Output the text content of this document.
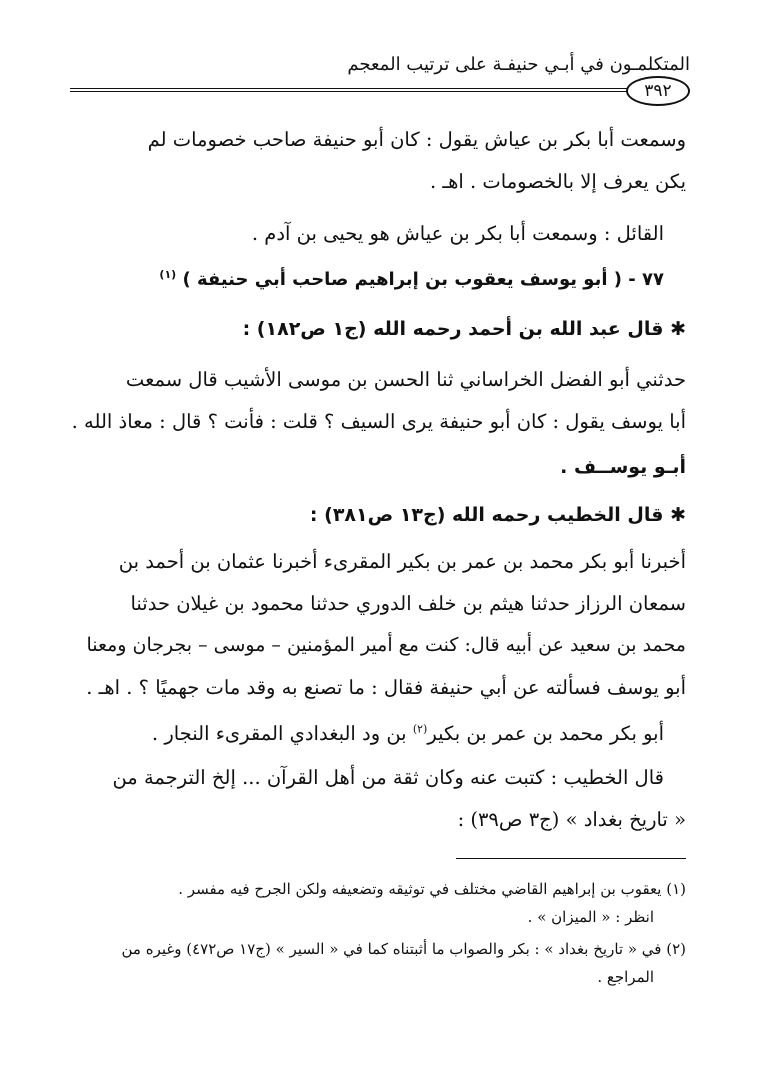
المتكلمـون في أبـي حنيفـة على ترتيب المعجم
٣٩٢
وسمعت أبا بكر بن عياش يقول : كان أبو حنيفة صاحب خصومات لم
يكن يعرف إلا بالخصومات . اهـ .
القائل : وسمعت أبا بكر بن عياش هو يحيى بن آدم .
٧٧ - ( أبو يوسف يعقوب بن إبراهيم صاحب أبي حنيفة ) $^{(١)}$
✱ قال عبد الله بن أحمد رحمه الله (ج١ ص١٨٢) :
حدثني أبو الفضل الخراساني ثنا الحسن بن موسى الأشيب قال سمعت
أبا يوسف يقول : كان أبو حنيفة يرى السيف ؟ قلت : فأنت ؟ قال : معاذ الله .
أبـو يوســف .
✱ قال الخطيب رحمه الله (ج١٣ ص٣٨١) :
أخبرنا أبو بكر محمد بن عمر بن بكير المقرىء أخبرنا عثمان بن أحمد بن
سمعان الرزاز حدثنا هيثم بن خلف الدوري حدثنا محمود بن غيلان حدثنا
محمد بن سعيد عن أبيه قال: كنت مع أمير المؤمنين – موسى – بجرجان ومعنا
أبو يوسف فسألته عن أبي حنيفة فقال : ما تصنع به وقد مات جهميًا ؟ . اهـ .
أبو بكر محمد بن عمر بن بكير$^{(٢)}$ بن ود البغدادي المقرىء النجار .
قال الخطيب : كتبت عنه وكان ثقة من أهل القرآن ... إلخ الترجمة من
« تاريخ بغداد » (ج٣ ص٣٩) :
(١) يعقوب بن إبراهيم القاضي مختلف في توثيقه وتضعيفه ولكن الجرح فيه مفسر .
انظر : « الميزان » .
(٢) في « تاريخ بغداد » : بكر والصواب ما أثبتناه كما في « السير » (ج١٧ ص٤٧٢) وغيره من
المراجع .
